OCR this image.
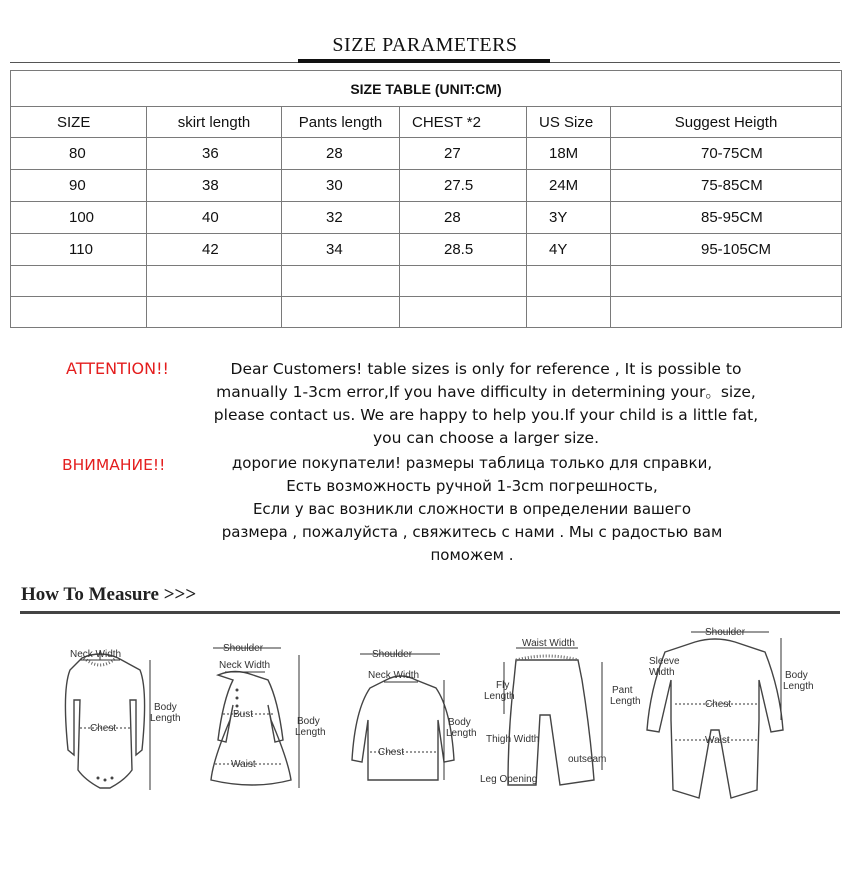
SIZE PARAMETERS
SIZE TABLE (UNIT:CM)					
SIZE	skirt length	Pants length	CHEST *2	US Size	Suggest Heigth
80	36	28	27	18M	70-75CM
90	38	30	27.5	24M	75-85CM
100	40	32	28	3Y	85-95CM
110	42	34	28.5	4Y	95-105CM

ATTENTION!!	Dear Customers! table sizes is only for reference , It is possible to
manually 1-3cm error,If you have difficulty in determining your。size,
please contact us. We are happy to help you.If your child is a little fat,
you can choose a larger size.
ВНИМАНИЕ!!	дорогие покупатели! размеры таблица только для справки,
Есть возможность ручной 1-3cm погрешность,
Если у вас возникли сложности в определении вашего
размера , пожалуйста , свяжитесь с нами . Мы с радостью вам
поможем .
How To Measure >>>
Neck Width
Body
Length
Chest
Shoulder
Neck Width
Bust
Waist
Body
Length
Shoulder
Neck Width
Chest
Body
Length
Waist Width
Fly
Length
Pant
Length
Thigh Width
outseam
Leg Opening
Shoulder
Sleeve
Width	Body
Length
Chest
Waist
